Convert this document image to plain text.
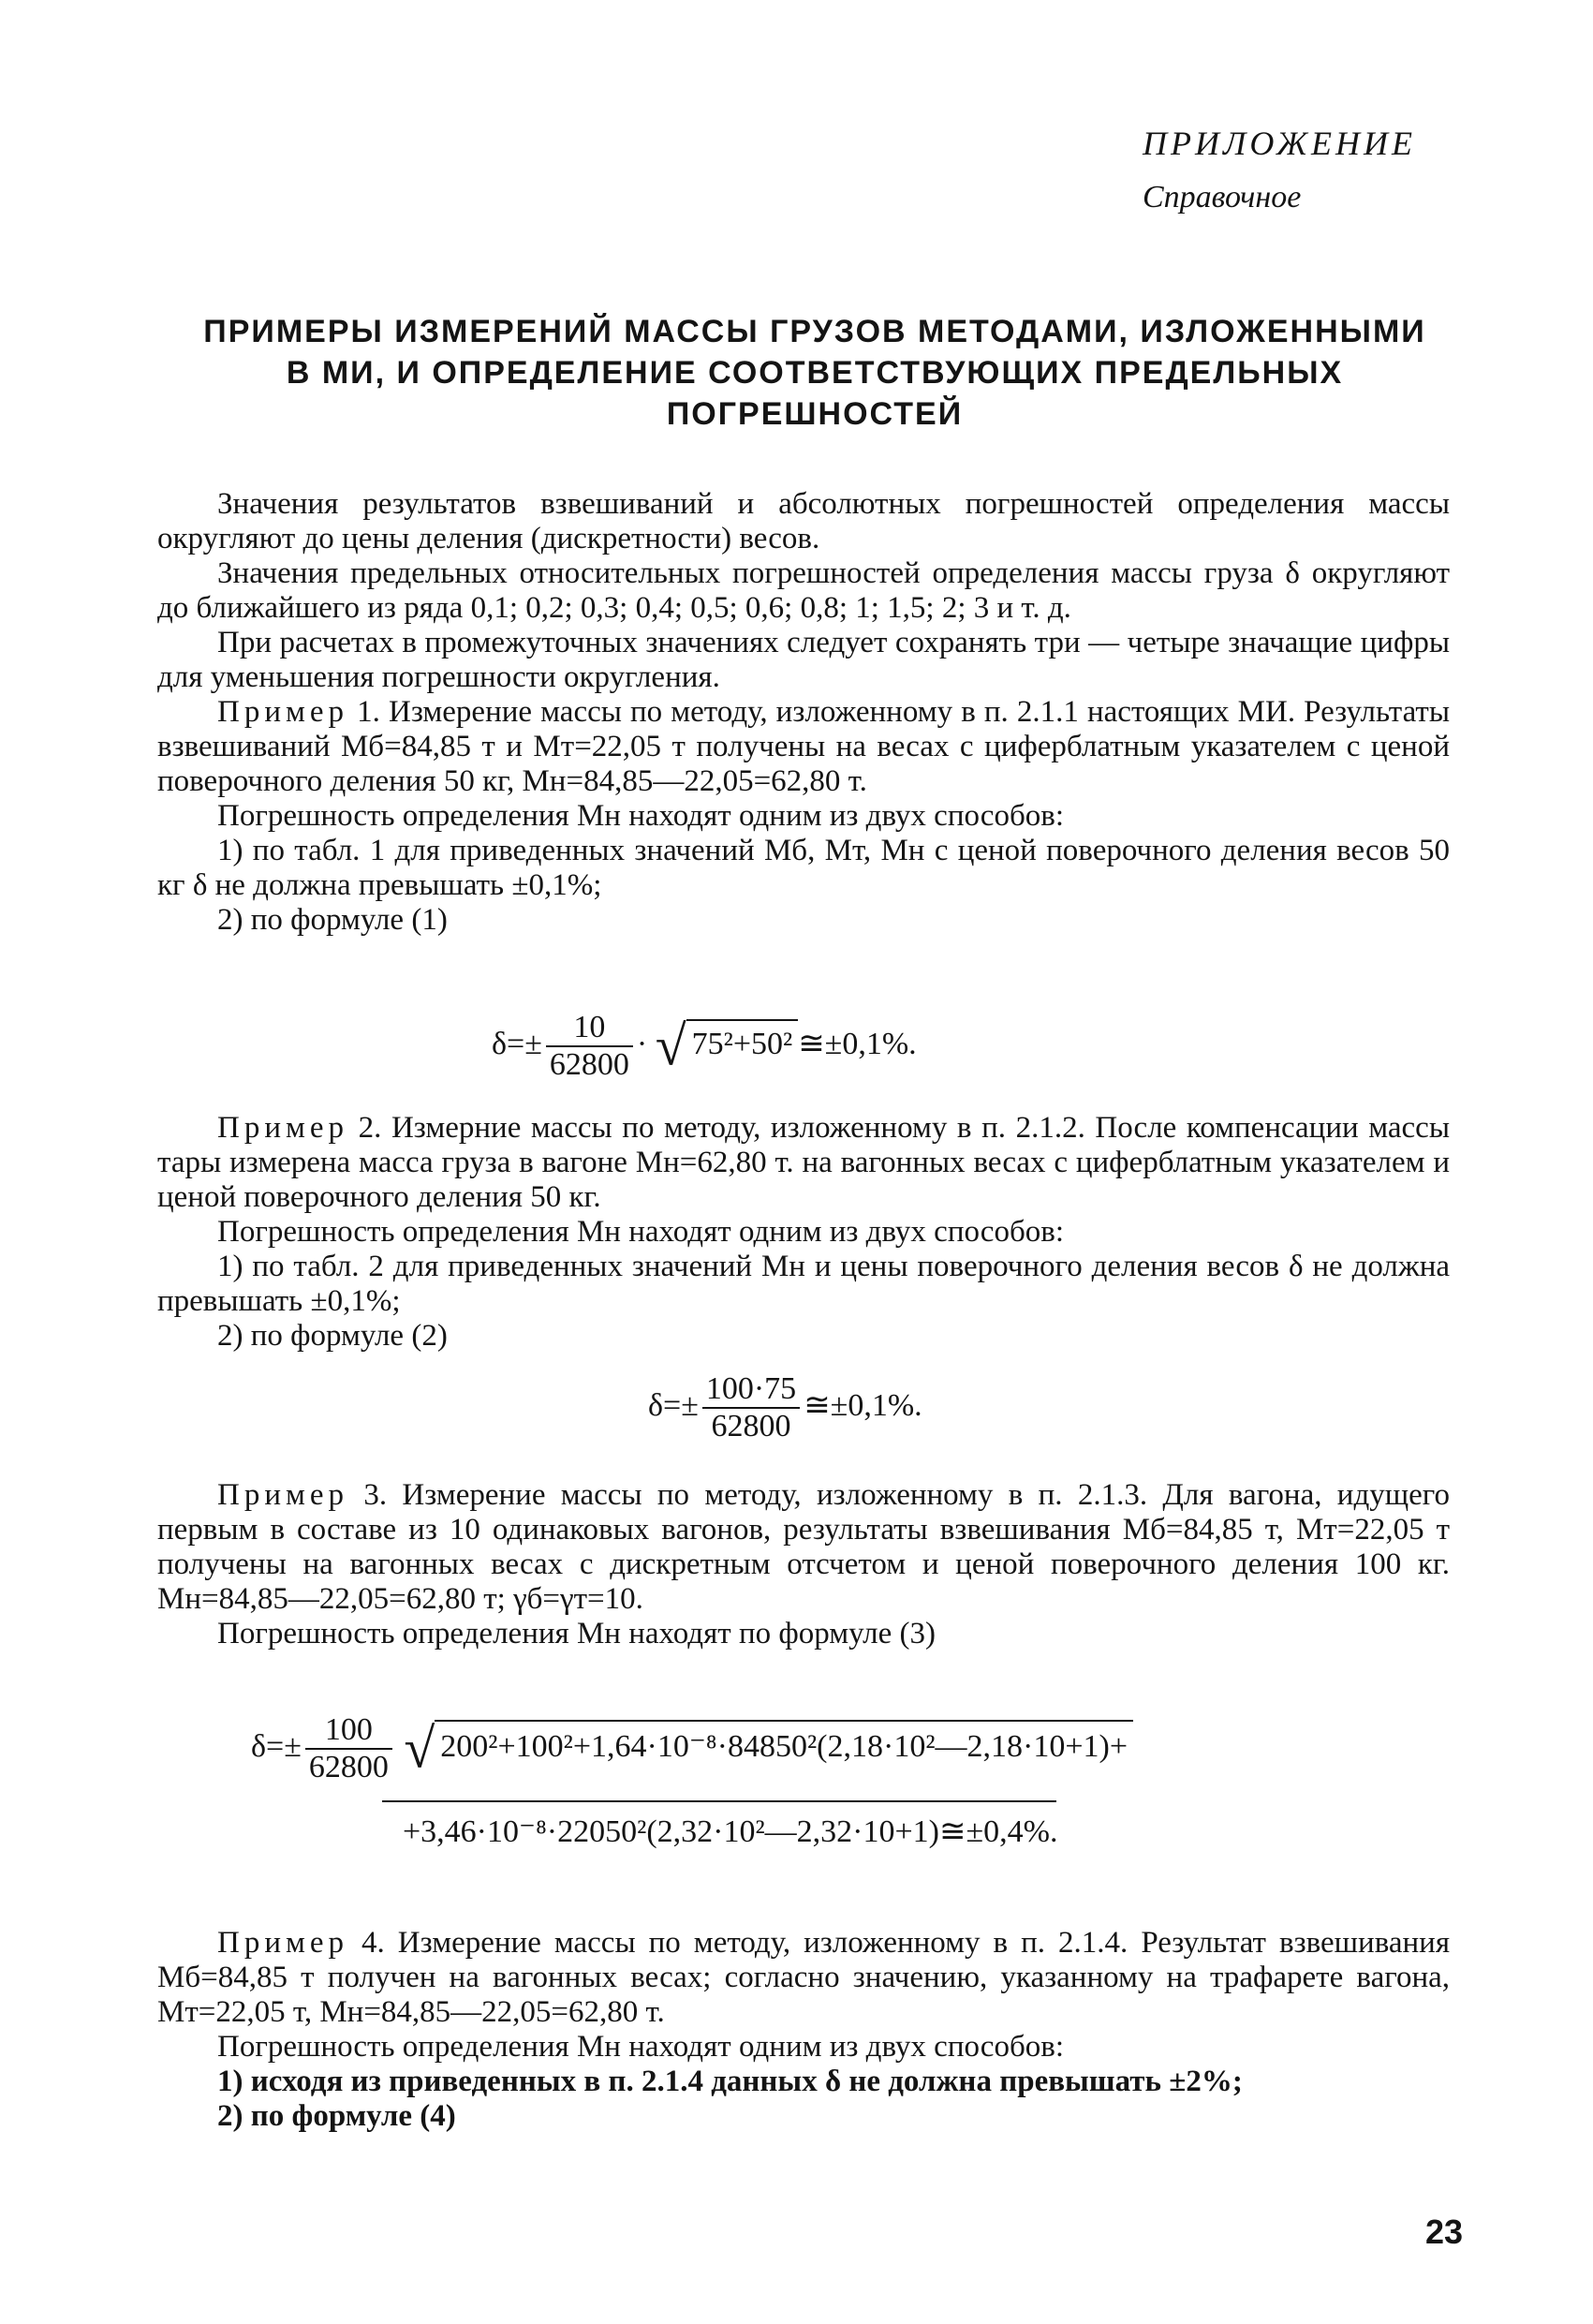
ПРИЛОЖЕНИЕ
Справочное
ПРИМЕРЫ ИЗМЕРЕНИЙ МАССЫ ГРУЗОВ МЕТОДАМИ, ИЗЛОЖЕННЫМИ
В МИ, И ОПРЕДЕЛЕНИЕ СООТВЕТСТВУЮЩИХ ПРЕДЕЛЬНЫХ
ПОГРЕШНОСТЕЙ

Значения результатов взвешиваний и абсолютных погрешностей определения массы округляют до цены деления (дискретности) весов.

Значения предельных относительных погрешностей определения массы груза δ округляют до ближайшего из ряда 0,1; 0,2; 0,3; 0,4; 0,5; 0,6; 0,8; 1; 1,5; 2; 3 и т. д.

При расчетах в промежуточных значениях следует сохранять три — четыре значащие цифры для уменьшения погрешности округления.

Пример 1. Измерение массы по методу, изложенному в п. 2.1.1 настоящих МИ. Результаты взвешиваний Мб=84,85 т и Мт=22,05 т получены на весах с циферблатным указателем с ценой поверочного деления 50 кг, Мн=84,85—22,05=62,80 т.

Погрешность определения Мн находят одним из двух способов:

1) по табл. 1 для приведенных значений Мб, Мт, Мн с ценой поверочного деления весов 50 кг δ не должна превышать ±0,1%;

2) по формуле (1)

$\delta=\pm \frac{10}{62800}$ · √ 75²+50² ≅±0,1%.

Пример 2. Измерние массы по методу, изложенному в п. 2.1.2. После компенсации массы тары измерена масса груза в вагоне Мн=62,80 т. на вагонных весах с циферблатным указателем и ценой поверочного деления 50 кг.

Погрешность определения Мн находят одним из двух способов:

1) по табл. 2 для приведенных значений Мн и цены поверочного деления весов δ не должна превышать ±0,1%;

2) по формуле (2)

$\delta=\pm \frac{100\cdot 75}{62800}$ ≅±0,1%.

Пример 3. Измерение массы по методу, изложенному в п. 2.1.3. Для вагона, идущего первым в составе из 10 одинаковых вагонов, результаты взвешивания Мб=84,85 т, Мт=22,05 т получены на вагонных весах с дискретным отсчетом и ценой поверочного деления 100 кг. Мн=84,85—22,05=62,80 т; γб=γт=10.

Погрешность определения Мн находят по формуле (3)

$\delta=\pm \frac{100}{62800}$ √ 200²+100²+1,64·10⁻⁸·84850²(2,18·10²—2,18·10+1)+
+3,46·10⁻⁸·22050²(2,32·10²—2,32·10+1)≅±0,4%.

Пример 4. Измерение массы по методу, изложенному в п. 2.1.4. Результат взвешивания Мб=84,85 т получен на вагонных весах; согласно значению, указанному на трафарете вагона, Мт=22,05 т, Мн=84,85—22,05=62,80 т.

Погрешность определения Мн находят одним из двух способов:

1) исходя из приведенных в п. 2.1.4 данных δ не должна превышать ±2%;

2) по формуле (4)

23
